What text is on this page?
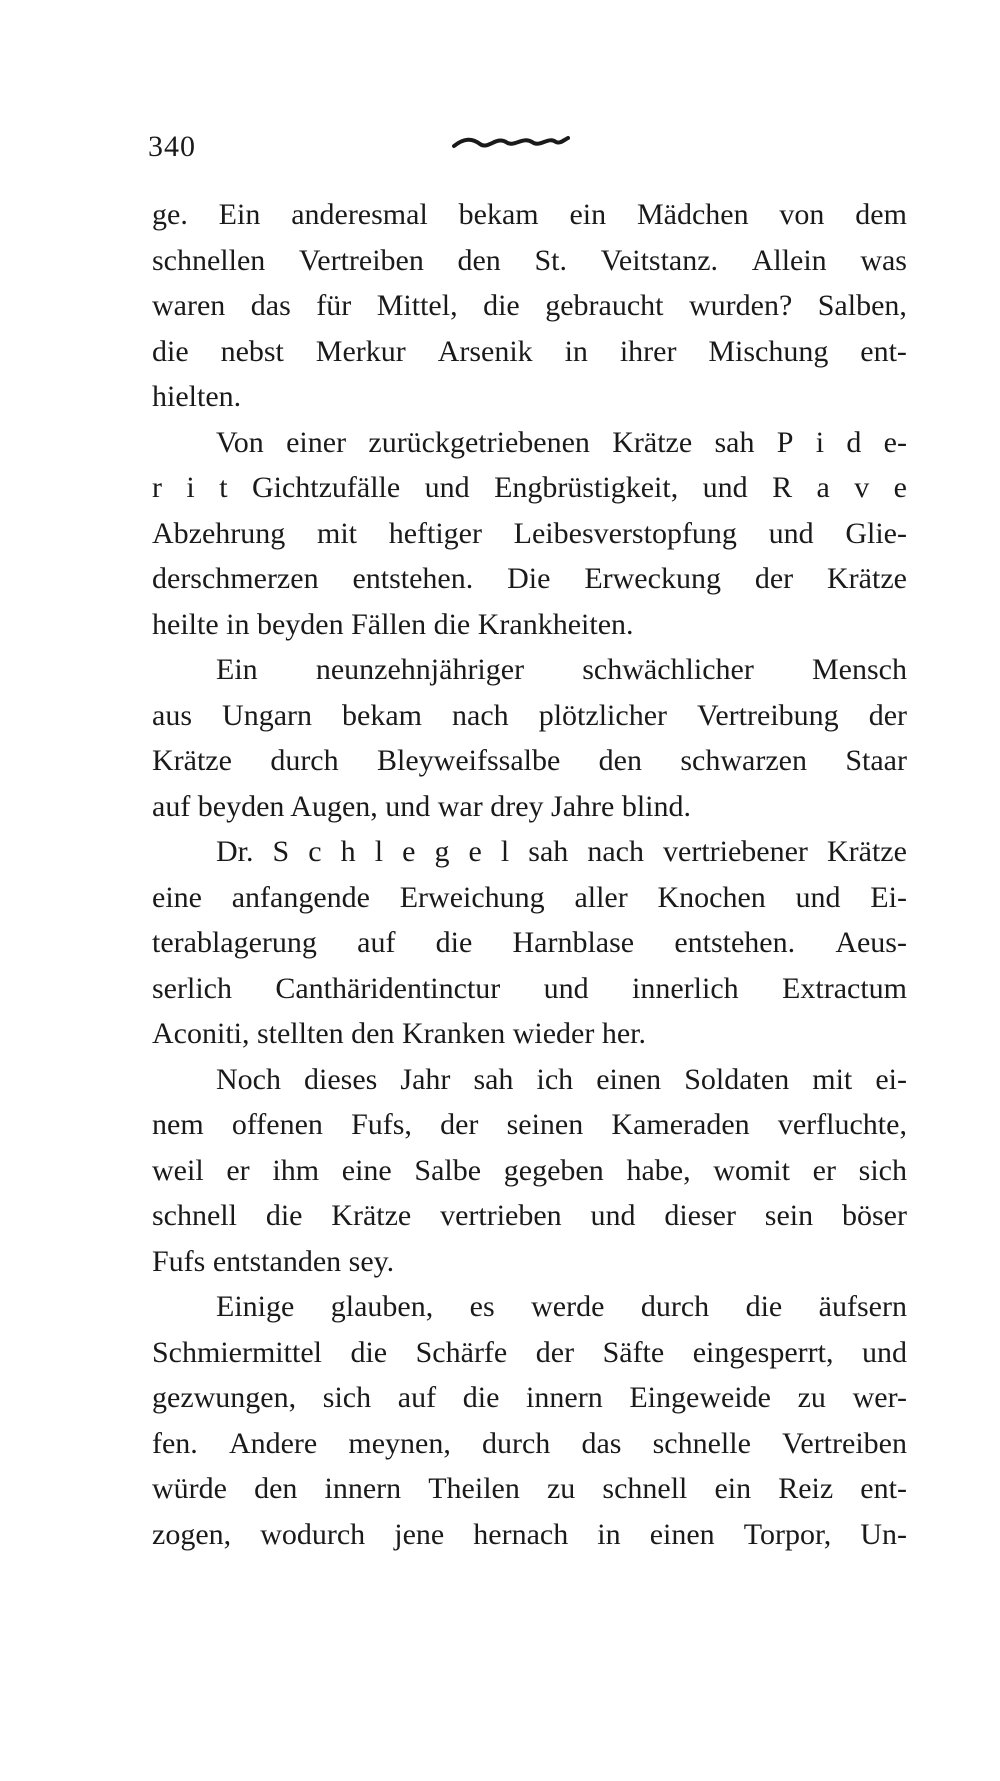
340
ge. Ein anderesmal bekam ein Mädchen von dem
schnellen Vertreiben den St. Veitstanz. Allein was
waren das für Mittel, die gebraucht wurden? Salben,
die nebst Merkur Arsenik in ihrer Mischung ent-
hielten.
Von einer zurückgetriebenen Krätze sah P i d e-
r i t Gichtzufälle und Engbrüstigkeit, und R a v e
Abzehrung mit heftiger Leibesverstopfung und Glie-
derschmerzen entstehen. Die Erweckung der Krätze
heilte in beyden Fällen die Krankheiten.
Ein neunzehnjähriger schwächlicher Mensch
aus Ungarn bekam nach plötzlicher Vertreibung der
Krätze durch Bleyweifssalbe den schwarzen Staar
auf beyden Augen, und war drey Jahre blind.
Dr. S c h l e g e l sah nach vertriebener Krätze
eine anfangende Erweichung aller Knochen und Ei-
terablagerung auf die Harnblase entstehen. Aeus-
serlich Canthäridentinctur und innerlich Extractum
Aconiti, stellten den Kranken wieder her.
Noch dieses Jahr sah ich einen Soldaten mit ei-
nem offenen Fufs, der seinen Kameraden verfluchte,
weil er ihm eine Salbe gegeben habe, womit er sich
schnell die Krätze vertrieben und dieser sein böser
Fufs entstanden sey.
Einige glauben, es werde durch die äufsern
Schmiermittel die Schärfe der Säfte eingesperrt, und
gezwungen, sich auf die innern Eingeweide zu wer-
fen. Andere meynen, durch das schnelle Vertreiben
würde den innern Theilen zu schnell ein Reiz ent-
zogen, wodurch jene hernach in einen Torpor, Un-
